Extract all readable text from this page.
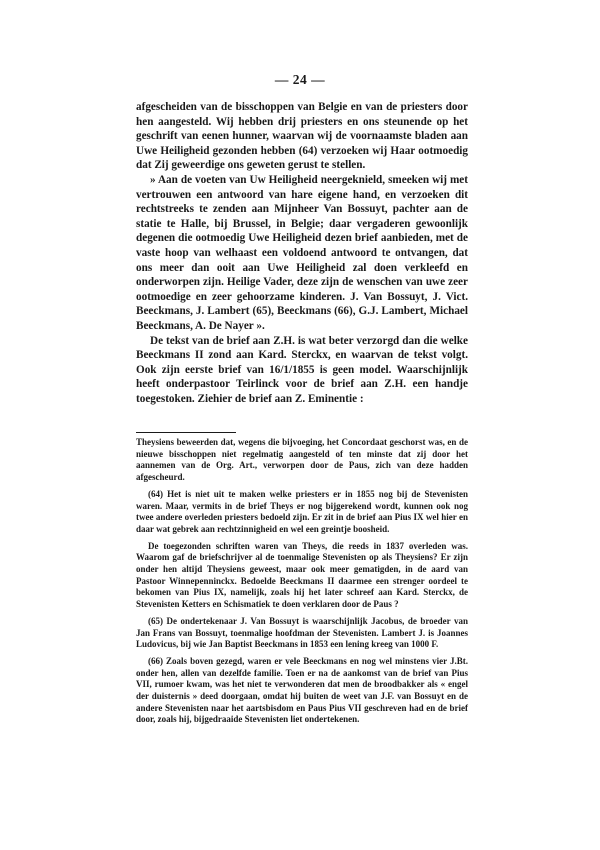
— 24 —

afgescheiden van de bisschoppen van Belgie en van de priesters door hen aangesteld. Wij hebben drij priesters en ons steunende op het geschrift van eenen hunner, waarvan wij de voornaamste bladen aan Uwe Heiligheid gezonden hebben (64) verzoeken wij Haar ootmoedig dat Zij geweerdige ons geweten gerust te stellen.

» Aan de voeten van Uw Heiligheid neergeknield, smeeken wij met vertrouwen een antwoord van hare eigene hand, en verzoeken dit rechtstreeks te zenden aan Mijnheer Van Bossuyt, pachter aan de statie te Halle, bij Brussel, in Belgie; daar vergaderen gewoonlijk degenen die ootmoedig Uwe Heiligheid dezen brief aanbieden, met de vaste hoop van welhaast een voldoend antwoord te ontvangen, dat ons meer dan ooit aan Uwe Heiligheid zal doen verkleefd en onderworpen zijn. Heilige Vader, deze zijn de wenschen van uwe zeer ootmoedige en zeer gehoorzame kinderen. J. Van Bossuyt, J. Vict. Beeckmans, J. Lambert (65), Beeckmans (66), G.J. Lambert, Michael Beeckmans, A. De Nayer ».

De tekst van de brief aan Z.H. is wat beter verzorgd dan die welke Beeckmans II zond aan Kard. Sterckx, en waarvan de tekst volgt. Ook zijn eerste brief van 16/1/1855 is geen model. Waarschijnlijk heeft onderpastoor Teirlinck voor de brief aan Z.H. een handje toegestoken. Ziehier de brief aan Z. Eminentie :

Theysiens beweerden dat, wegens die bijvoeging, het Concordaat geschorst was, en de nieuwe bisschoppen niet regelmatig aangesteld of ten minste dat zij door het aannemen van de Org. Art., verworpen door de Paus, zich van deze hadden afgescheurd.

(64) Het is niet uit te maken welke priesters er in 1855 nog bij de Stevenisten waren. Maar, vermits in de brief Theys er nog bijgerekend wordt, kunnen ook nog twee andere overleden priesters bedoeld zijn. Er zit in de brief aan Pius IX wel hier en daar wat gebrek aan rechtzinnigheid en wel een greintje boosheid.

De toegezonden schriften waren van Theys, die reeds in 1837 overleden was. Waarom gaf de briefschrijver al de toenmalige Stevenisten op als Theysiens? Er zijn onder hen altijd Theysiens geweest, maar ook meer gematigden, in de aard van Pastoor Winnepenninckx. Bedoelde Beeckmans II daarmee een strenger oordeel te bekomen van Pius IX, namelijk, zoals hij het later schreef aan Kard. Sterckx, de Stevenisten Ketters en Schismatiek te doen verklaren door de Paus ?

(65) De ondertekenaar J. Van Bossuyt is waarschijnlijk Jacobus, de broeder van Jan Frans van Bossuyt, toenmalige hoofdman der Stevenisten. Lambert J. is Joannes Ludovicus, bij wie Jan Baptist Beeckmans in 1853 een lening kreeg van 1000 F.

(66) Zoals boven gezegd, waren er vele Beeckmans en nog wel minstens vier J.Bt. onder hen, allen van dezelfde familie. Toen er na de aankomst van de brief van Pius VII, rumoer kwam, was het niet te verwonderen dat men de broodbakker als « engel der duisternis » deed doorgaan, omdat hij buiten de weet van J.F. van Bossuyt en de andere Stevenisten naar het aartsbisdom en Paus Pius VII geschreven had en de brief door, zoals hij, bijgedraaide Stevenisten liet ondertekenen.
